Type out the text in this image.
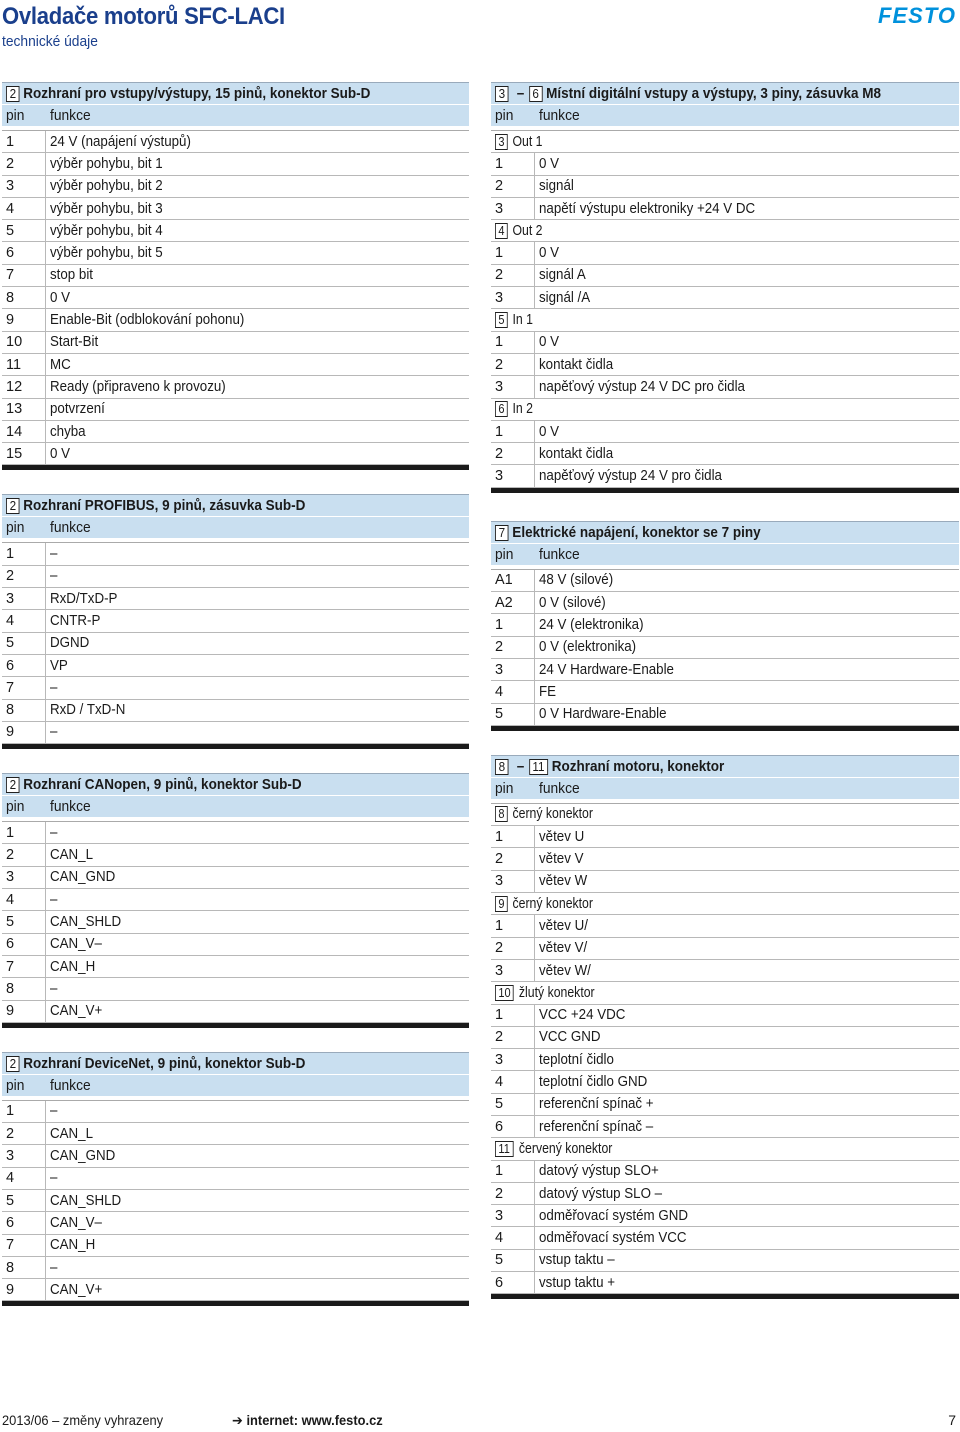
Ovladače motorů SFC-LACI
technické údaje
FESTO
2 Rozhraní pro vstupy/výstupy, 15 pinů, konektor Sub-D
pin	funkce
1 24 V (napájení výstupů)
2 výběr pohybu, bit 1
3 výběr pohybu, bit 2
4 výběr pohybu, bit 3
5 výběr pohybu, bit 4
6 výběr pohybu, bit 5
7 stop bit
8 0 V
9 Enable-Bit (odblokování pohonu)
10 Start-Bit
11 MC
12 Ready (připraveno k provozu)
13 potvrzení
14 chyba
15 0 V
2 Rozhraní PROFIBUS, 9 pinů, zásuvka Sub-D
pin	funkce
1 –
2 –
3 RxD/TxD-P
4 CNTR-P
5 DGND
6 VP
7 –
8 RxD / TxD-N
9 –
2 Rozhraní CANopen, 9 pinů, konektor Sub-D
pin	funkce
1 –
2 CAN_L
3 CAN_GND
4 –
5 CAN_SHLD
6 CAN_V–
7 CAN_H
8 –
9 CAN_V+
2 Rozhraní DeviceNet, 9 pinů, konektor Sub-D
pin	funkce
1 –
2 CAN_L
3 CAN_GND
4 –
5 CAN_SHLD
6 CAN_V–
7 CAN_H
8 –
9 CAN_V+
3 – 6 Místní digitální vstupy a výstupy, 3 piny, zásuvka M8
pin	funkce
3 Out 1
1 0 V
2 signál
3 napětí výstupu elektroniky +24 V DC
4 Out 2
1 0 V
2 signál A
3 signál /A
5 In 1
1 0 V
2 kontakt čidla
3 napěťový výstup 24 V DC pro čidla
6 In 2
1 0 V
2 kontakt čidla
3 napěťový výstup 24 V pro čidla
7 Elektrické napájení, konektor se 7 piny
pin	funkce
A1 48 V (silové)
A2 0 V (silové)
1 24 V (elektronika)
2 0 V (elektronika)
3 24 V Hardware-Enable
4 FE
5 0 V Hardware-Enable
8 – 11 Rozhraní motoru, konektor
pin	funkce
8 černý konektor
1 větev U
2 větev V
3 větev W
9 černý konektor
1 větev U/
2 větev V/
3 větev W/
10 žlutý konektor
1 VCC +24 VDC
2 VCC GND
3 teplotní čidlo
4 teplotní čidlo GND
5 referenční spínač +
6 referenční spínač –
11 červený konektor
1 datový výstup SLO+
2 datový výstup SLO –
3 odměřovací systém GND
4 odměřovací systém VCC
5 vstup taktu –
6 vstup taktu +
2013/06 – změny vyhrazeny	➔ internet: www.festo.cz	7
